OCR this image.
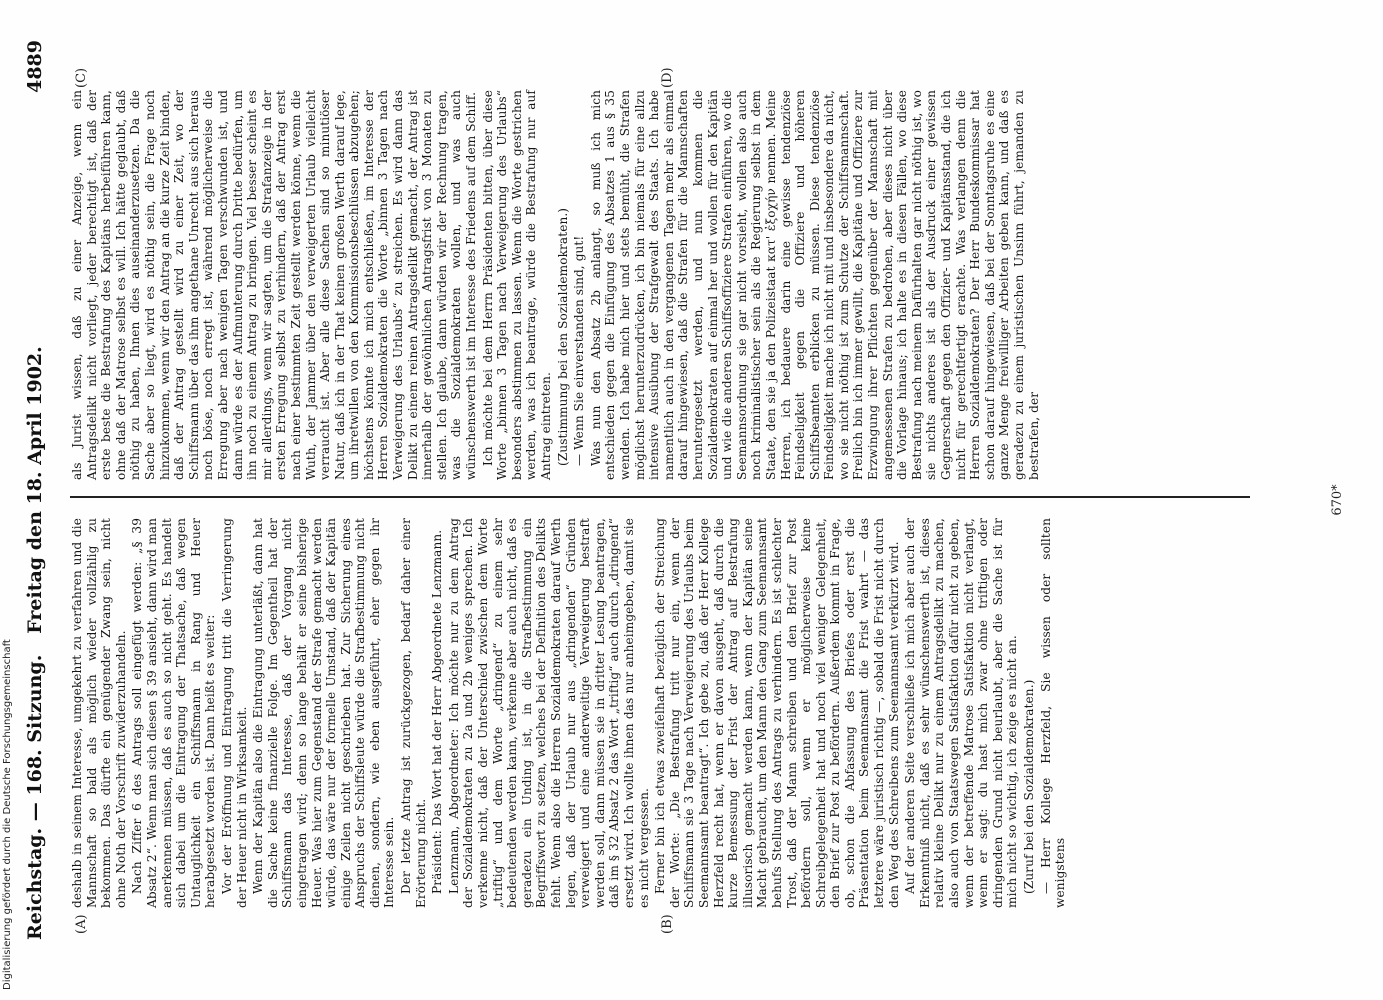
Reichstag. — 168. Sitzung.
Freitag den 18. April 1902.
4889
(A)	(B)
(C)	(D)

deshalb in seinem Interesse, umgekehrt zu verfahren und die Mannschaft so bald als möglich wieder vollzählig zu bekommen. Das dürfte ein genügender Zwang sein, nicht ohne Noth der Vorschrift zuwiderzuhandeln. Nach Ziffer 6 des Antrags soll eingefügt werden: „§ 39 Absatz 2“. Wenn man sich diesen § 39 ansieht, dann wird man anerkennen müssen, daß es auch so nicht geht. Es handelt sich dabei um die Eintragung der Thatsache, daß wegen Untauglichkeit ein Schiffsmann in Rang und Heuer herabgesetzt worden ist. Dann heißt es weiter: Vor der Eröffnung und Eintragung tritt die Verringerung der Heuer nicht in Wirksamkeit. Wenn der Kapitän also die Eintragung unterläßt, dann hat die Sache keine finanzielle Folge. Im Gegentheil hat der Schiffsmann das Interesse, daß der Vorgang nicht eingetragen wird; denn so lange behält er seine bisherige Heuer. Was hier zum Gegenstand der Strafe gemacht werden würde, das wäre nur der formelle Umstand, daß der Kapitän einige Zeilen nicht geschrieben hat. Zur Sicherung eines Anspruchs der Schiffsleute würde die Strafbestimmung nicht dienen, sondern, wie eben ausgeführt, eher gegen ihr Interesse sein. Der letzte Antrag ist zurückgezogen, bedarf daher einer Erörterung nicht. Präsident: Das Wort hat der Herr Abgeordnete Lenzmann. Lenzmann, Abgeordneter: Ich möchte nur zu dem Antrag der Sozialdemokraten zu 2a und 2b weniges sprechen. Ich verkenne nicht, daß der Unterschied zwischen dem Worte „triftig“ und dem Worte „dringend“ zu einem sehr bedeutenden werden kann, verkenne aber auch nicht, daß es geradezu ein Unding ist, in die Strafbestimmung ein Begriffswort zu setzen, welches bei der Definition des Delikts fehlt. Wenn also die Herren Sozialdemokraten darauf Werth legen, daß der Urlaub nur aus „dringenden“ Gründen verweigert und eine anderweitige Verweigerung bestraft werden soll, dann müssen sie in dritter Lesung beantragen, daß im § 32 Absatz 2 das Wort „triftig“ auch durch „dringend“ ersetzt wird. Ich wollte ihnen das nur anheimgeben, damit sie es nicht vergessen. Ferner bin ich etwas zweifelhaft bezüglich der Streichung der Worte: „Die Bestrafung tritt nur ein, wenn der Schiffsmann sie 3 Tage nach Verweigerung des Urlaubs beim Seemannsamt beantragt“. Ich gebe zu, daß der Herr Kollege Herzfeld recht hat, wenn er davon ausgeht, daß durch die kurze Bemessung der Frist der Antrag auf Bestrafung illusorisch gemacht werden kann, wenn der Kapitän seine Macht gebraucht, um den Mann den Gang zum Seemannsamt behufs Stellung des Antrags zu verhindern. Es ist schlechter Trost, daß der Mann schreiben und den Brief zur Post befördern soll, wenn er möglicherweise keine Schreibgelegenheit hat und noch viel weniger Gelegenheit, den Brief zur Post zu befördern. Außerdem kommt in Frage, ob, schon die Abfassung des Briefes oder erst die Präsentation beim Seemannsamt die Frist wahrt — das letztere wäre juristisch richtig —, sobald die Frist nicht durch den Weg des Schreibens zum Seemannsamt verkürzt wird. Auf der anderen Seite verschließe ich mich aber auch der Erkenntniß nicht, daß es sehr wünschenswerth ist, dieses relativ kleine Delikt nur zu einem Antragsdelikt zu machen, also auch von Staatswegen Satisfaktion dafür nicht zu geben, wenn der betreffende Matrose Satisfaktion nicht verlangt, wenn er sagt: du hast mich zwar ohne triftigen oder dringenden Grund nicht beurlaubt, aber die Sache ist für mich nicht so wichtig, ich zeige es nicht an. (Zuruf bei den Sozialdemokraten.) — Herr Kollege Herzfeld, Sie wissen oder sollten wenigstens

als Jurist wissen, daß zu einer Anzeige, wenn ein Antragsdelikt nicht vorliegt, jeder berechtigt ist, daß der erste beste die Bestrafung des Kapitäns herbeiführen kann, ohne daß der Matrose selbst es will. Ich hätte geglaubt, daß nöthig zu haben, Ihnen dies auseinanderzusetzen. Da die Sache aber so liegt, wird es nöthig sein, die Frage noch hinzukommen, wenn wir den Antrag an die kurze Zeit binden, daß der Antrag gestellt wird zu einer Zeit, wo der Schiffsmann über das ihm angethane Unrecht aus sich heraus noch böse, noch erregt ist, während möglicherweise die Erregung aber nach wenigen Tagen verschwunden ist, und dann würde es der Aufmunterung durch Dritte bedürfen, um ihn noch zu einem Antrag zu bringen. Viel besser scheint es mir allerdings, wenn wir sagten, um die Strafanzeige in der ersten Erregung selbst zu verhindern, daß der Antrag erst nach einer bestimmten Zeit gestellt werden könne, wenn die Wuth, der Jammer über den verweigerten Urlaub vielleicht verraucht ist. Aber alle diese Sachen sind so minutiöser Natur, daß ich in der That keinen großen Werth darauf lege, um ihretwillen von den Kommissionsbeschlüssen abzugehen; höchstens könnte ich mich entschließen, im Interesse der Herren Sozialdemokraten die Worte „binnen 3 Tagen nach Verweigerung des Urlaubs“ zu streichen. Es wird dann das Delikt zu einem reinen Antragsdelikt gemacht, der Antrag ist innerhalb der gewöhnlichen Antragsfrist von 3 Monaten zu stellen. Ich glaube, dann würden wir der Rechnung tragen, was die Sozialdemokraten wollen, und was auch wünschenswerth ist im Interesse des Friedens auf dem Schiff. Ich möchte bei dem Herrn Präsidenten bitten, über diese Worte „binnen 3 Tagen nach Verweigerung des Urlaubs“ besonders abstimmen zu lassen. Wenn die Worte gestrichen werden, was ich beantrage, würde die Bestrafung nur auf Antrag eintreten. (Zustimmung bei den Sozialdemokraten.) — Wenn Sie einverstanden sind, gut! Was nun den Absatz 2b anlangt, so muß ich mich entschieden gegen die Einfügung des Absatzes 1 aus § 35 wenden. Ich habe mich hier und stets bemüht, die Strafen möglichst herunterzudrücken, ich bin niemals für eine allzu intensive Ausübung der Strafgewalt des Staats. Ich habe namentlich auch in den vergangenen Tagen mehr als einmal darauf hingewiesen, daß die Strafen für die Mannschaften heruntergesetzt werden, und nun kommen die Sozialdemokraten auf einmal her und wollen für den Kapitän und wie die anderen Schiffsoffiziere Strafen einführen, wo die Seemannsordnung sie gar nicht vorsieht, wollen also auch noch kriminalistischer sein als die Regierung selbst in dem Staate, den sie ja den Polizeistaat κατ' ἐξοχήν nennen. Meine Herren, ich bedauere darin eine gewisse tendenziöse Feindseligkeit gegen die Offiziere und höheren Schiffsbeamten erblicken zu müssen. Diese tendenziöse Feindseligkeit mache ich nicht mit und insbesondere da nicht, wo sie nicht nöthig ist zum Schutze der Schiffsmannschaft. Freilich bin ich immer gewillt, die Kapitäne und Offiziere zur Erzwingung ihrer Pflichten gegenüber der Mannschaft mit angemessenen Strafen zu bedrohen, aber dieses nicht über die Vorlage hinaus; ich halte es in diesen Fällen, wo diese Bestrafung nach meinem Dafürhalten gar nicht nöthig ist, wo sie nichts anderes ist als der Ausdruck einer gewissen Gegnerschaft gegen den Offizier- und Kapitänsstand, die ich nicht für gerechtfertigt erachte. Was verlangen denn die Herren Sozialdemokraten? Der Herr Bundeskommissar hat schon darauf hingewiesen, daß bei der Sonntagsruhe es eine ganze Menge freiwilliger Arbeiten geben kann, und daß es geradezu zu einem juristischen Unsinn führt, jemanden zu bestrafen, der

670*
Digitalisierung gefördert durch die Deutsche Forschungsgemeinschaft
